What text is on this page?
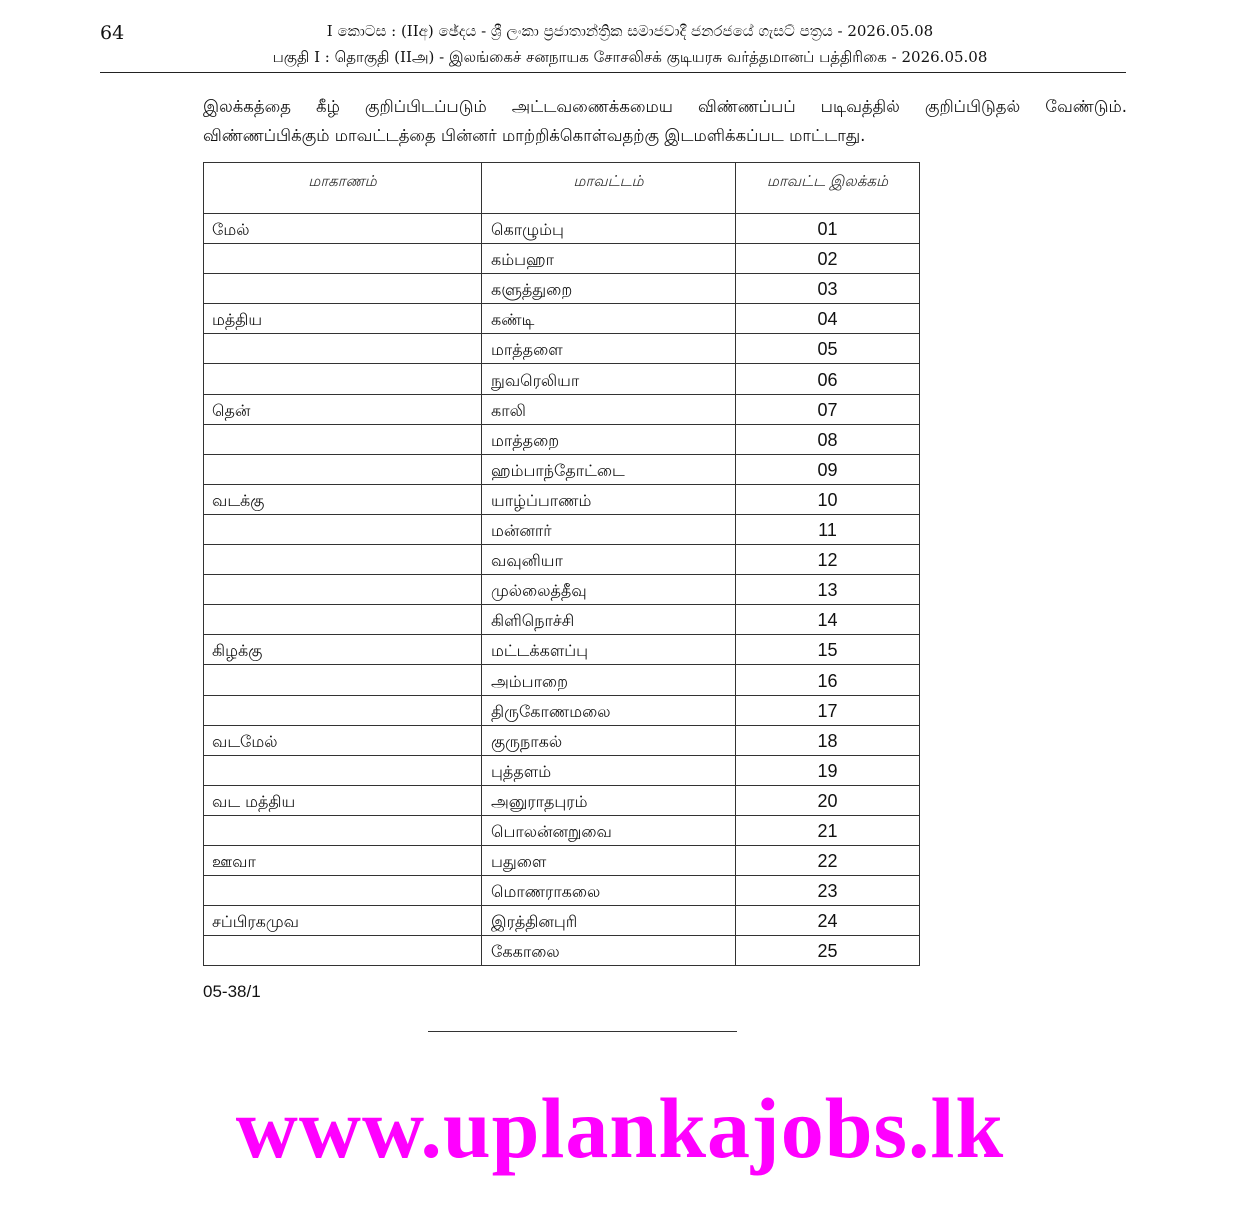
64	I කොටස : (IIඅ) ඡේදය - ශ්‍රී ලංකා ප්‍රජාතාන්ත්‍රික සමාජවාදී ජනරජයේ ගැසට් පත්‍රය - 2026.05.08
பகுதி I : தொகுதி (IIஅ) - இலங்கைச் சனநாயக சோசலிசக் குடியரசு வர்த்தமானப் பத்திரிகை - 2026.05.08

இலக்கத்தை கீழ் குறிப்பிடப்படும் அட்டவணைக்கமைய விண்ணப்பப் படிவத்தில் குறிப்பிடுதல் வேண்டும்.

விண்ணப்பிக்கும் மாவட்டத்தை பின்னர் மாற்றிக்கொள்வதற்கு இடமளிக்கப்பட மாட்டாது.

மாகாணம்	மாவட்டம்	மாவட்ட இலக்கம்
மேல்	கொழும்பு	01
	கம்பஹா	02
	களுத்துறை	03
மத்திய	கண்டி	04
	மாத்தளை	05
	நுவரெலியா	06
தென்	காலி	07
	மாத்தறை	08
	ஹம்பாந்தோட்டை	09
வடக்கு	யாழ்ப்பாணம்	10
	மன்னார்	11
	வவுனியா	12
	முல்லைத்தீவு	13
	கிளிநொச்சி	14
கிழக்கு	மட்டக்களப்பு	15
	அம்பாறை	16
	திருகோணமலை	17
வடமேல்	குருநாகல்	18
	புத்தளம்	19
வட மத்திய	அனுராதபுரம்	20
	பொலன்னறுவை	21
ஊவா	பதுளை	22
	மொணராகலை	23
சப்பிரகமுவ	இரத்தினபுரி	24
	கேகாலை	25
05-38/1
www.uplankajobs.lk
